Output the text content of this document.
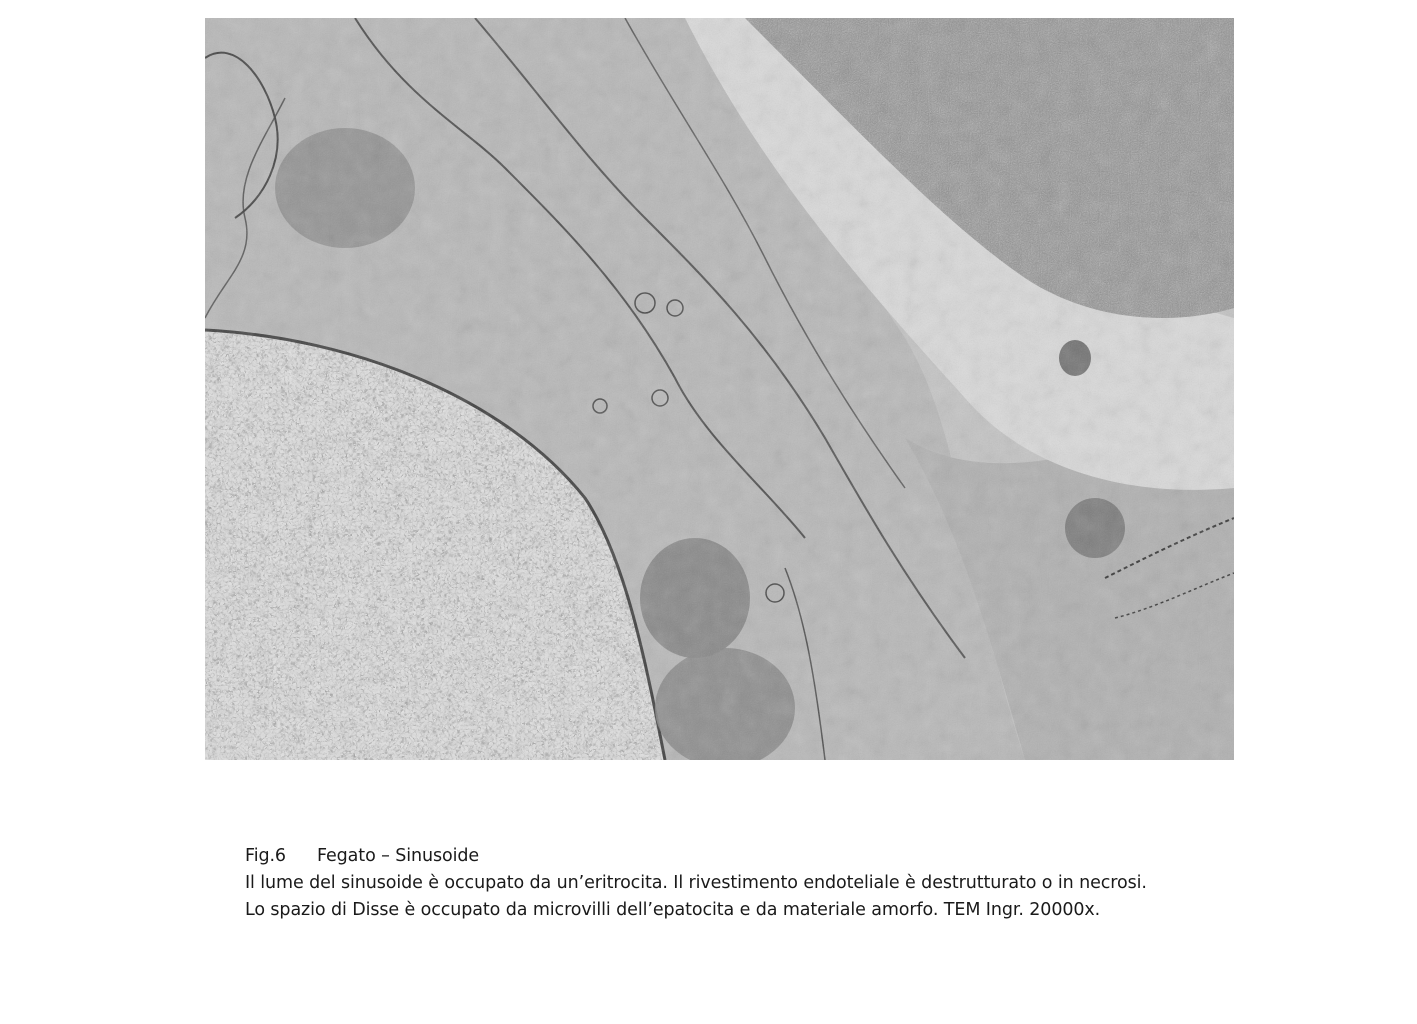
Fig.6 Fegato – Sinusoide
Il lume del sinusoide è occupato da un’eritrocita. Il rivestimento endoteliale è destrutturato o in necrosi.
Lo spazio di Disse è occupato da microvilli dell’epatocita e da materiale amorfo. TEM Ingr. 20000x.
